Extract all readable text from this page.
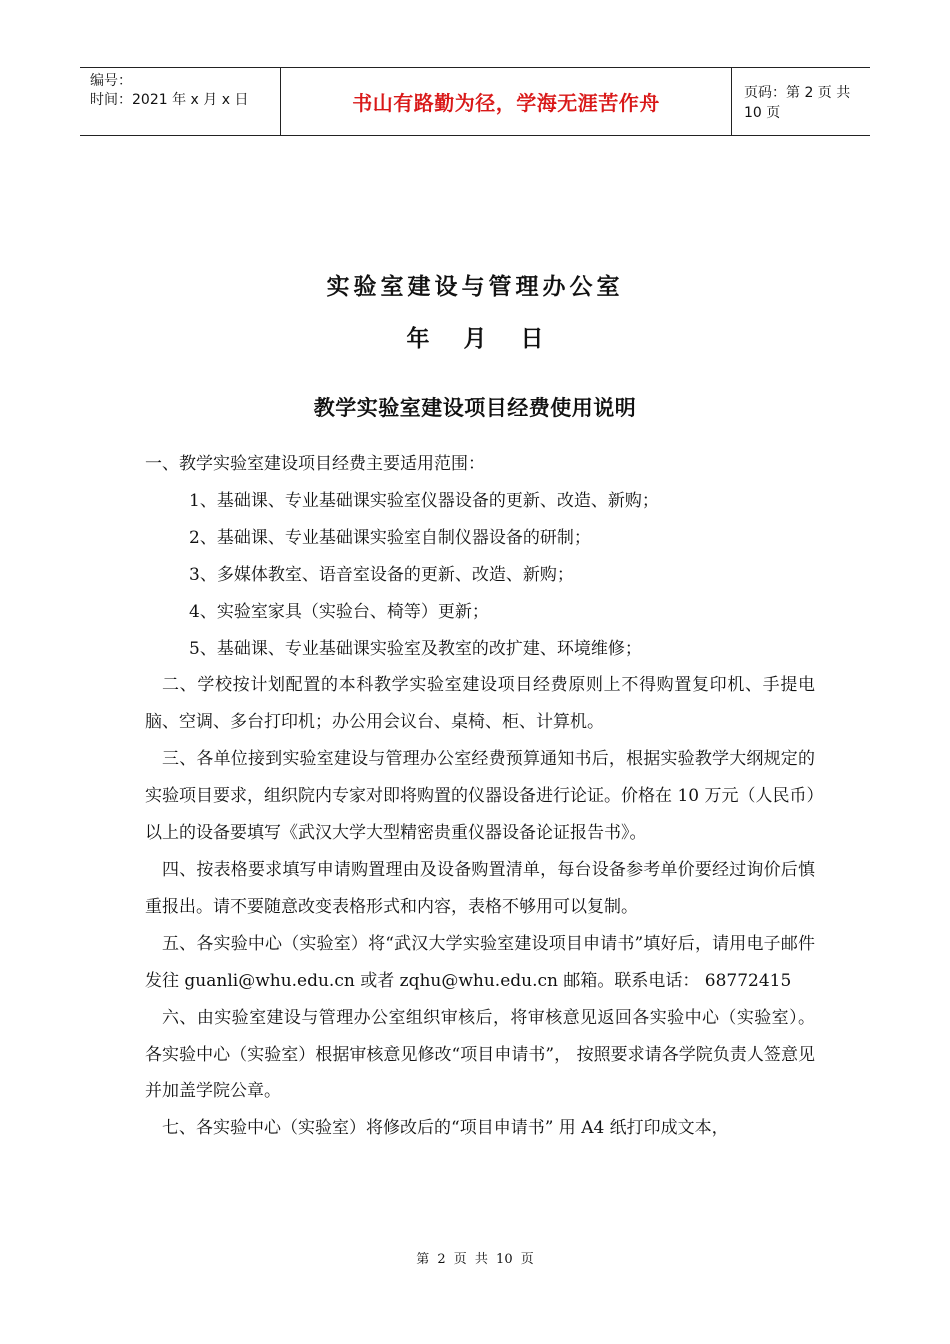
编号：
时间：2021 年 x 月 x 日	书山有路勤为径，学海无涯苦作舟	页码：第 2 页 共 10 页
实验室建设与管理办公室
年 月 日
教学实验室建设项目经费使用说明

一、教学实验室建设项目经费主要适用范围：

1、基础课、专业基础课实验室仪器设备的更新、改造、新购；

2、基础课、专业基础课实验室自制仪器设备的研制；

3、多媒体教室、语音室设备的更新、改造、新购；

4、实验室家具（实验台、椅等）更新；

5、基础课、专业基础课实验室及教室的改扩建、环境维修；

二、学校按计划配置的本科教学实验室建设项目经费原则上不得购置复印机、手提电脑、空调、多台打印机；办公用会议台、桌椅、柜、计算机。

三、各单位接到实验室建设与管理办公室经费预算通知书后，根据实验教学大纲规定的实验项目要求，组织院内专家对即将购置的仪器设备进行论证。价格在 10 万元（人民币）以上的设备要填写《武汉大学大型精密贵重仪器设备论证报告书》。

四、按表格要求填写申请购置理由及设备购置清单，每台设备参考单价要经过询价后慎重报出。请不要随意改变表格形式和内容，表格不够用可以复制。

五、各实验中心（实验室）将“武汉大学实验室建设项目申请书”填好后，请用电子邮件发往 guanli@whu.edu.cn 或者 zqhu@whu.edu.cn 邮箱。联系电话： 68772415

六、由实验室建设与管理办公室组织审核后，将审核意见返回各实验中心（实验室）。各实验中心（实验室）根据审核意见修改“项目申请书”， 按照要求请各学院负责人签意见并加盖学院公章。

七、各实验中心（实验室）将修改后的“项目申请书” 用 A4 纸打印成文本，

第 2 页 共 10 页
